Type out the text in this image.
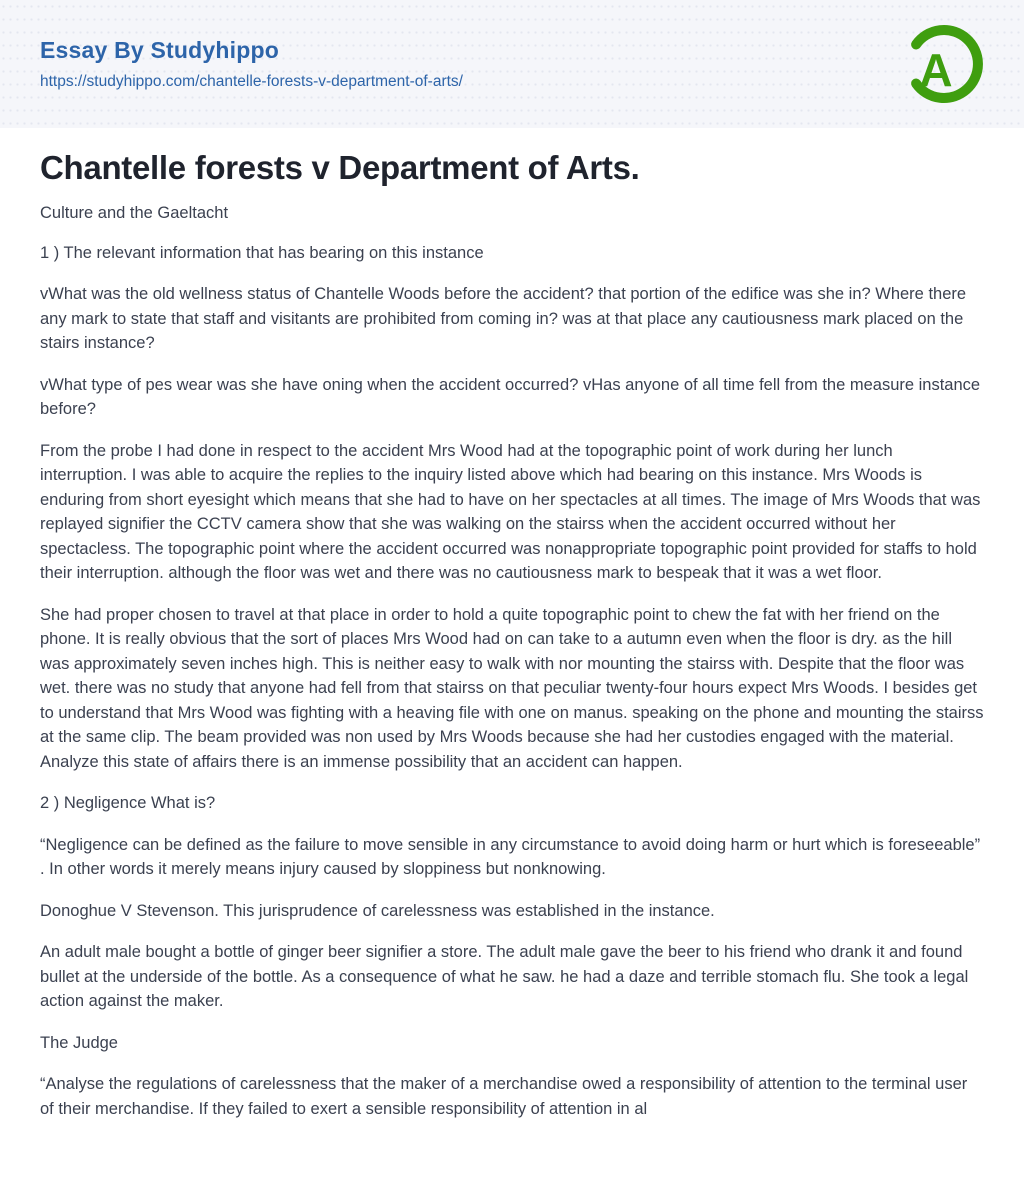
Essay By Studyhippo
https://studyhippo.com/chantelle-forests-v-department-of-arts/	A
Chantelle forests v Department of Arts.

Culture and the Gaeltacht

1 ) The relevant information that has bearing on this instance

vWhat was the old wellness status of Chantelle Woods before the accident? that portion of the edifice was she in? Where there any mark to state that staff and visitants are prohibited from coming in? was at that place any cautiousness mark placed on the stairs instance?

vWhat type of pes wear was she have oning when the accident occurred? vHas anyone of all time fell from the measure instance before?

From the probe I had done in respect to the accident Mrs Wood had at the topographic point of work during her lunch interruption. I was able to acquire the replies to the inquiry listed above which had bearing on this instance. Mrs Woods is enduring from short eyesight which means that she had to have on her spectacles at all times. The image of Mrs Woods that was replayed signifier the CCTV camera show that she was walking on the stairss when the accident occurred without her spectacless. The topographic point where the accident occurred was nonappropriate topographic point provided for staffs to hold their interruption. although the floor was wet and there was no cautiousness mark to bespeak that it was a wet floor.

She had proper chosen to travel at that place in order to hold a quite topographic point to chew the fat with her friend on the phone. It is really obvious that the sort of places Mrs Wood had on can take to a autumn even when the floor is dry. as the hill was approximately seven inches high. This is neither easy to walk with nor mounting the stairss with. Despite that the floor was wet. there was no study that anyone had fell from that stairss on that peculiar twenty-four hours expect Mrs Woods. I besides get to understand that Mrs Wood was fighting with a heaving file with one on manus. speaking on the phone and mounting the stairss at the same clip. The beam provided was non used by Mrs Woods because she had her custodies engaged with the material. Analyze this state of affairs there is an immense possibility that an accident can happen.

2 ) Negligence What is?

“Negligence can be defined as the failure to move sensible in any circumstance to avoid doing harm or hurt which is foreseeable” . In other words it merely means injury caused by sloppiness but nonknowing.

Donoghue V Stevenson. This jurisprudence of carelessness was established in the instance.

An adult male bought a bottle of ginger beer signifier a store. The adult male gave the beer to his friend who drank it and found bullet at the underside of the bottle. As a consequence of what he saw. he had a daze and terrible stomach flu. She took a legal action against the maker.

The Judge

“Analyse the regulations of carelessness that the maker of a merchandise owed a responsibility of attention to the terminal user of their merchandise. If they failed to exert a sensible responsibility of attention in al
